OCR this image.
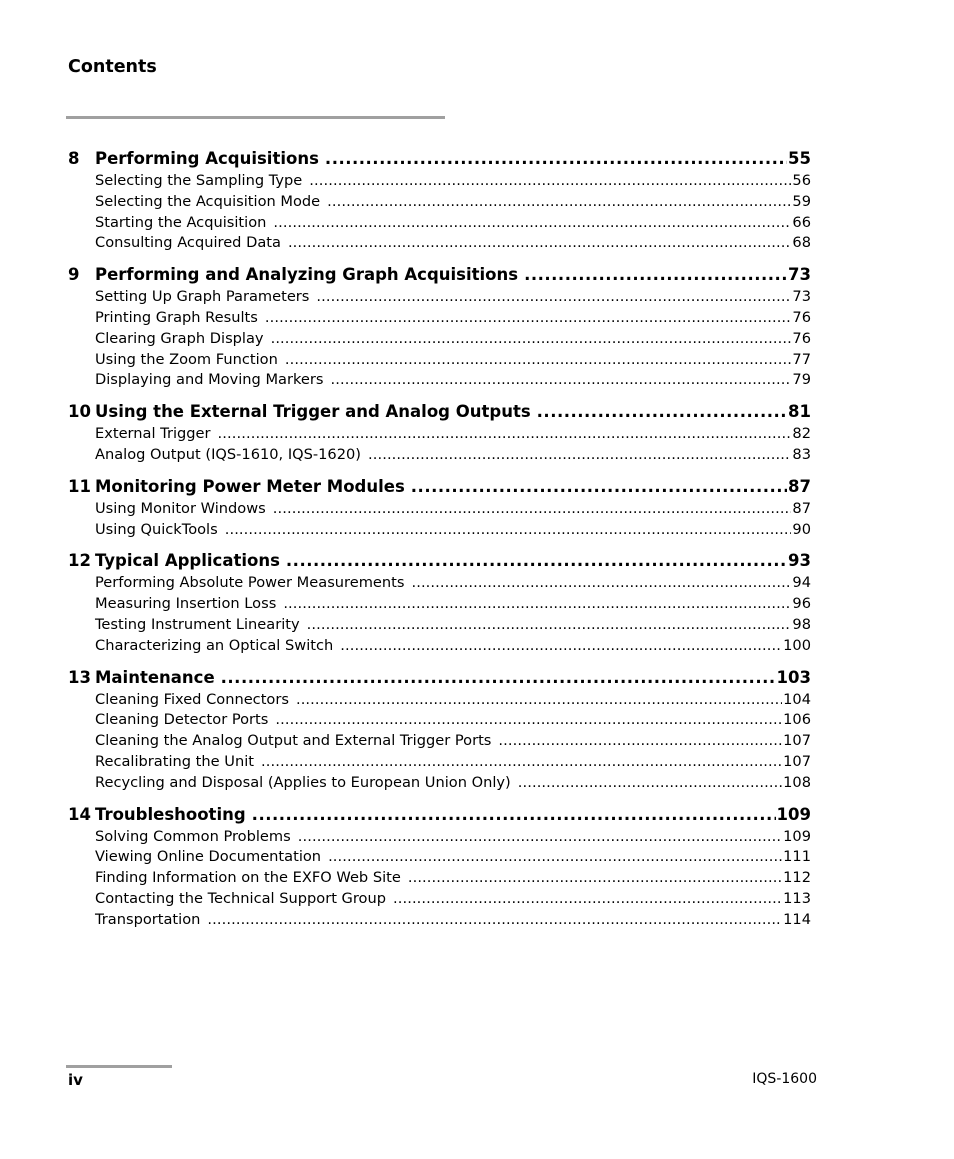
Contents
8 Performing Acquisitions .....	55
Selecting the Sampling Type .....	56
Selecting the Acquisition Mode .....	59
Starting the Acquisition .....	66
Consulting Acquired Data .....	68
9 Performing and Analyzing Graph Acquisitions .....	73
Setting Up Graph Parameters .....	73
Printing Graph Results .....	76
Clearing Graph Display .....	76
Using the Zoom Function .....	77
Displaying and Moving Markers .....	79
10 Using the External Trigger and Analog Outputs .....	81
External Trigger .....	82
Analog Output (IQS-1610, IQS-1620) .....	83
11 Monitoring Power Meter Modules .....	87
Using Monitor Windows .....	87
Using QuickTools .....	90
12 Typical Applications .....	93
Performing Absolute Power Measurements .....	94
Measuring Insertion Loss .....	96
Testing Instrument Linearity .....	98
Characterizing an Optical Switch .....	100
13 Maintenance .....	103
Cleaning Fixed Connectors .....	104
Cleaning Detector Ports .....	106
Cleaning the Analog Output and External Trigger Ports .....	107
Recalibrating the Unit .....	107
Recycling and Disposal (Applies to European Union Only) .....	108
14 Troubleshooting .....	109
Solving Common Problems .....	109
Viewing Online Documentation .....	111
Finding Information on the EXFO Web Site .....	112
Contacting the Technical Support Group .....	113
Transportation .....	114
iv	IQS-1600
